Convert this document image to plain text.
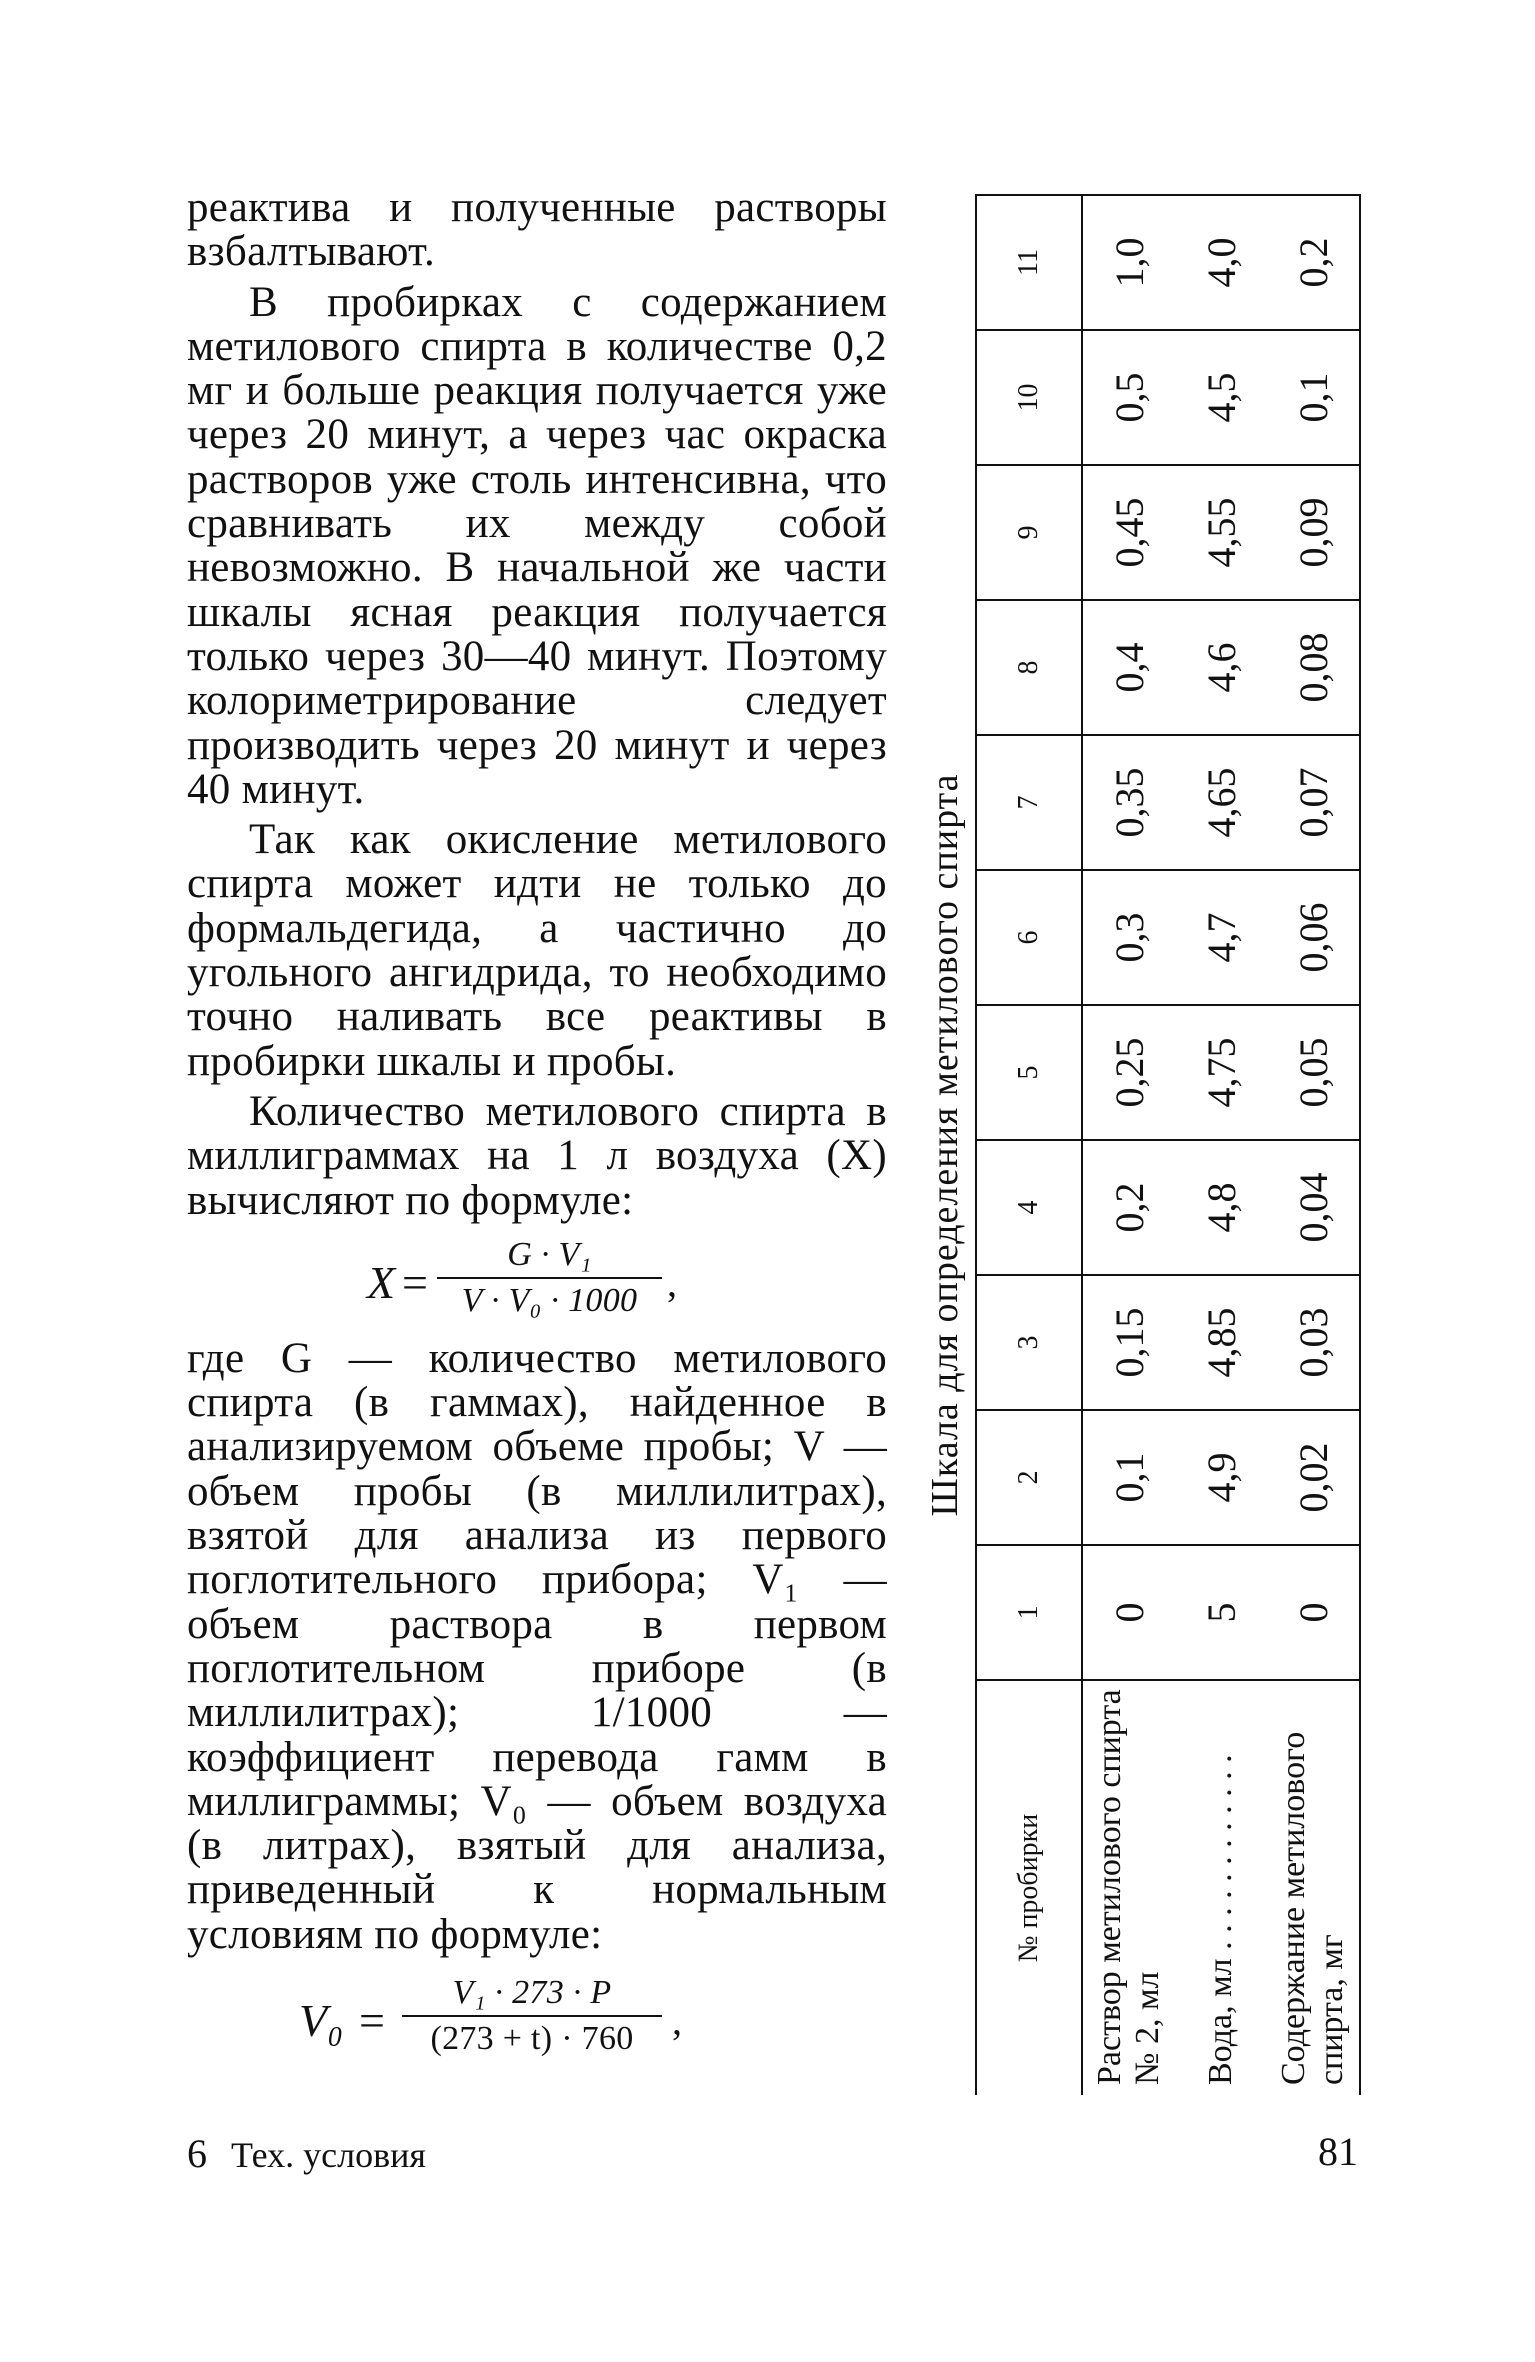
реактива и полученные растворы взбалтывают.

В пробирках с содержанием метилового спирта в количестве 0,2 мг и больше реакция получается уже через 20 минут, а через час окраска растворов уже столь интенсивна, что сравнивать их между собой невозможно. В начальной же части шкалы ясная реакция получается только через 30—40 минут. Поэтому колориметрирование следует производить через 20 минут и через 40 минут.

Так как окисление метилового спирта может идти не только до формальдегида, а частично до угольного ангидрида, то необходимо точно наливать все реактивы в пробирки шкалы и пробы.

Количество метилового спирта в миллиграммах на 1 л воздуха (X) вычисляют по формуле:

X =
G · V₁
V · V₀ · 1000 ,

где G — количество метилового спирта (в гаммах), найденное в анализируемом объеме пробы; V — объем пробы (в миллилитрах), взятой для анализа из первого поглотительного прибора; V₁ — объем раствора в первом поглотительном приборе (в миллилитрах); 1/1000 — коэффициент перевода гамм в миллиграммы; V₀ — объем воздуха (в литрах), взятый для анализа, приведенный к нормальным условиям по формуле:

V₀ =
V₁ · 273 · P
(273 + t) · 760 ,
6 Тех. условия	81
Шкала для определения метилового спирта
№ пробирки	1	2	3	4	5	6	7	8	9	10	11
Раствор метилового спирта № 2, мл	0	0,1	0,15	0,2	0,25	0,3	0,35	0,4	0,45	0,5	1,0
Вода, мл . . . . . . . . . . . .	5	4,9	4,85	4,8	4,75	4,7	4,65	4,6	4,55	4,5	4,0
Содержание метилового спирта, мг	0	0,02	0,03	0,04	0,05	0,06	0,07	0,08	0,09	0,1	0,2
